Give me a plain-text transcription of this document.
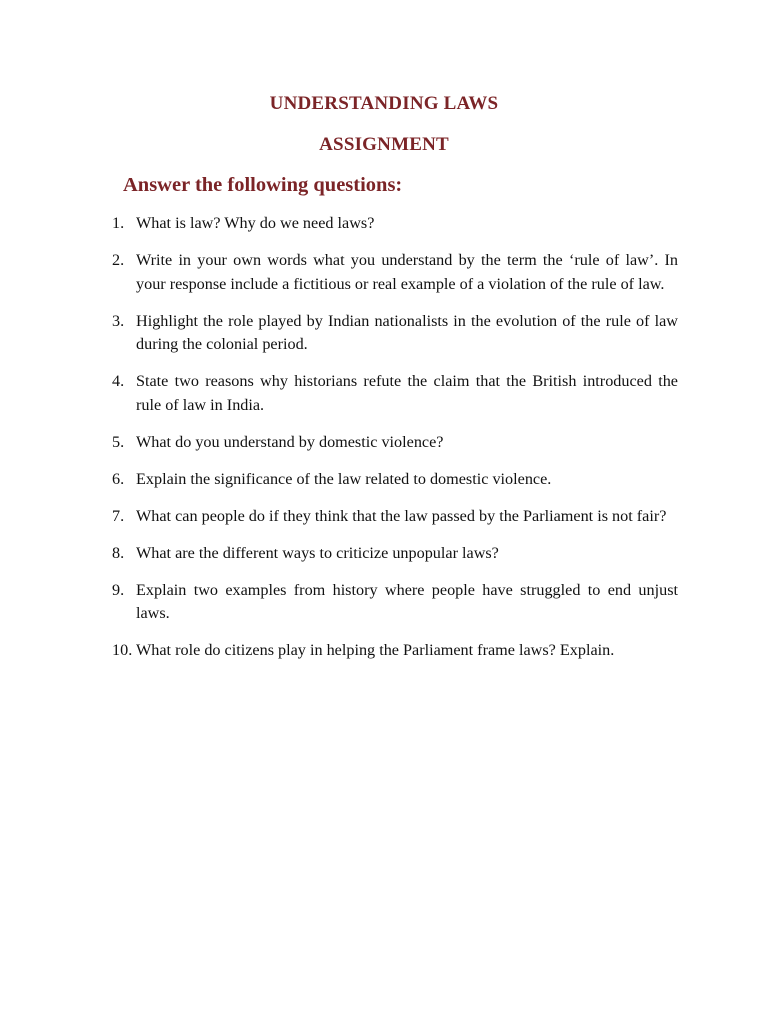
UNDERSTANDING LAWS
ASSIGNMENT
Answer the following questions:
1. What is law? Why do we need laws?
2. Write in your own words what you understand by the term the ‘rule of law’. In your response include a fictitious or real example of a violation of the rule of law.
3. Highlight the role played by Indian nationalists in the evolution of the rule of law during the colonial period.
4. State two reasons why historians refute the claim that the British introduced the rule of law in India.
5. What do you understand by domestic violence?
6. Explain the significance of the law related to domestic violence.
7. What can people do if they think that the law passed by the Parliament is not fair?
8. What are the different ways to criticize unpopular laws?
9. Explain two examples from history where people have struggled to end unjust laws.
10. What role do citizens play in helping the Parliament frame laws? Explain.
